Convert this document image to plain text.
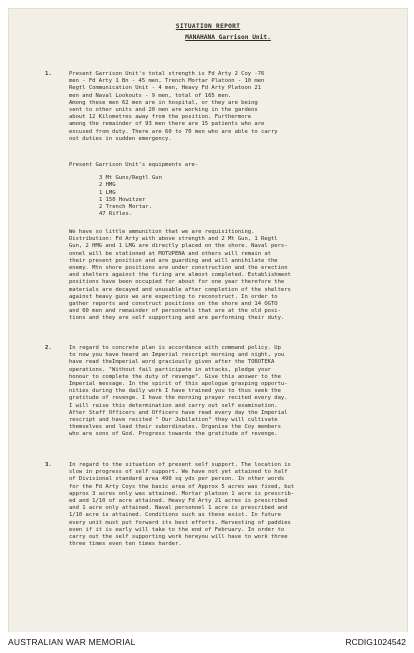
SITUATION REPORT
MANAHANA Garrison Unit.
1.	Present Garrison Unit's total strength is Fd Arty 2 Coy -76
men - Fd Arty 1 Bn - 45 men, Trench Mortar Platoon - 10 men
Regtl Communication Unit - 4 men, Heavy Fd Arty Platoon 21
men and Naval Lookouts - 9 men, total of 165 men.
Among these men 62 men are in hospital, or they are being
sent to other units and 20 men are working in the gardens
about 12 Kilometres away from the position. Furthermore
among the remainder of 93 men there are 15 patients who are
excused from duty. There are 60 to 70 men who are able to carry
out duties in sudden emergency.
Present Garrison Unit's equipments are-
3 Mt Guns/Regtl Gun
2 HMG
1 LMG
1 150 Howitzer
2 Trench Mortar.
47 Rifles.
We have so little ammunition that we are requisitioning.
Distribution: Fd Arty with above strength and 2 Mt Gun, 1 Regtl
Gun, 2 HMG and 1 LMG are directly placed on the shore. Naval pers-
onnel will be stationed at MOTUPENA and others will remain at
their present position and are guarding and will annihilate the
enemy. Mtn shore positions are under construction and the erection
and shelters against the firing are almost completed. Establishment
positions have been occupied for about for one year therefore the
materials are decayed and unusable after completion of the shelters
against heavy guns we are expecting to reconstruct. In order to
gather reports and construct positions on the shore and 14 OGTO
and 60 men and remainder of personnels that are at the old posi-
tions and they are self supporting and are performing their duty.
2.	In regard to concrete plan is accordance with command policy. Up
to now you have heard an Imperial rescript morning and night, you
have read theImperial word graciously given after the TOBOTEKA
operations. "Without fail participate in attacks, pledge your
honour to complete the duty of revenge". Give this answer to the
Imperial message. In the spirit of this apologue grasping opportu-
nities during the daily work I have trained you to thus seek the
gratitude of revenge. I have the morning prayer recited every day.
I will raise this determination and carry out self examination.
After Staff Officers and Officers have read every day the Imperial
rescript and have recited " Our Jubilation" they will cultivate
themselves and lead their subordinates. Organise the Coy members
who are sons of God. Progress towards the gratitude of revenge.
3.	In regard to the situation of present self support. The location is
slow in progress of self support. We have not yet attained to half
of Divisional standard area 490 sq yds per person. In other words
for the Fd Arty Coys the basic area of Approx 5 acres was fixed, but
approx 3 acres only was attained. Mortar platoon 1 acre is prescrib-
ed and 1/10 of acre attained. Heavy Fd Arty 21 acres is prescribed
and 1 acre only attained. Naval personnel 1 acre is prescribed and
1/10 acre is attained. Conditions such as these exist. In future
every unit must put forward its best efforts. Harvesting of paddies
even if it is early will take to the end of February. In order to
carry out the self supporting work hereyou will have to work three
three times even ten times harder.
AUSTRALIAN WAR MEMORIAL	RCDIG1024542
